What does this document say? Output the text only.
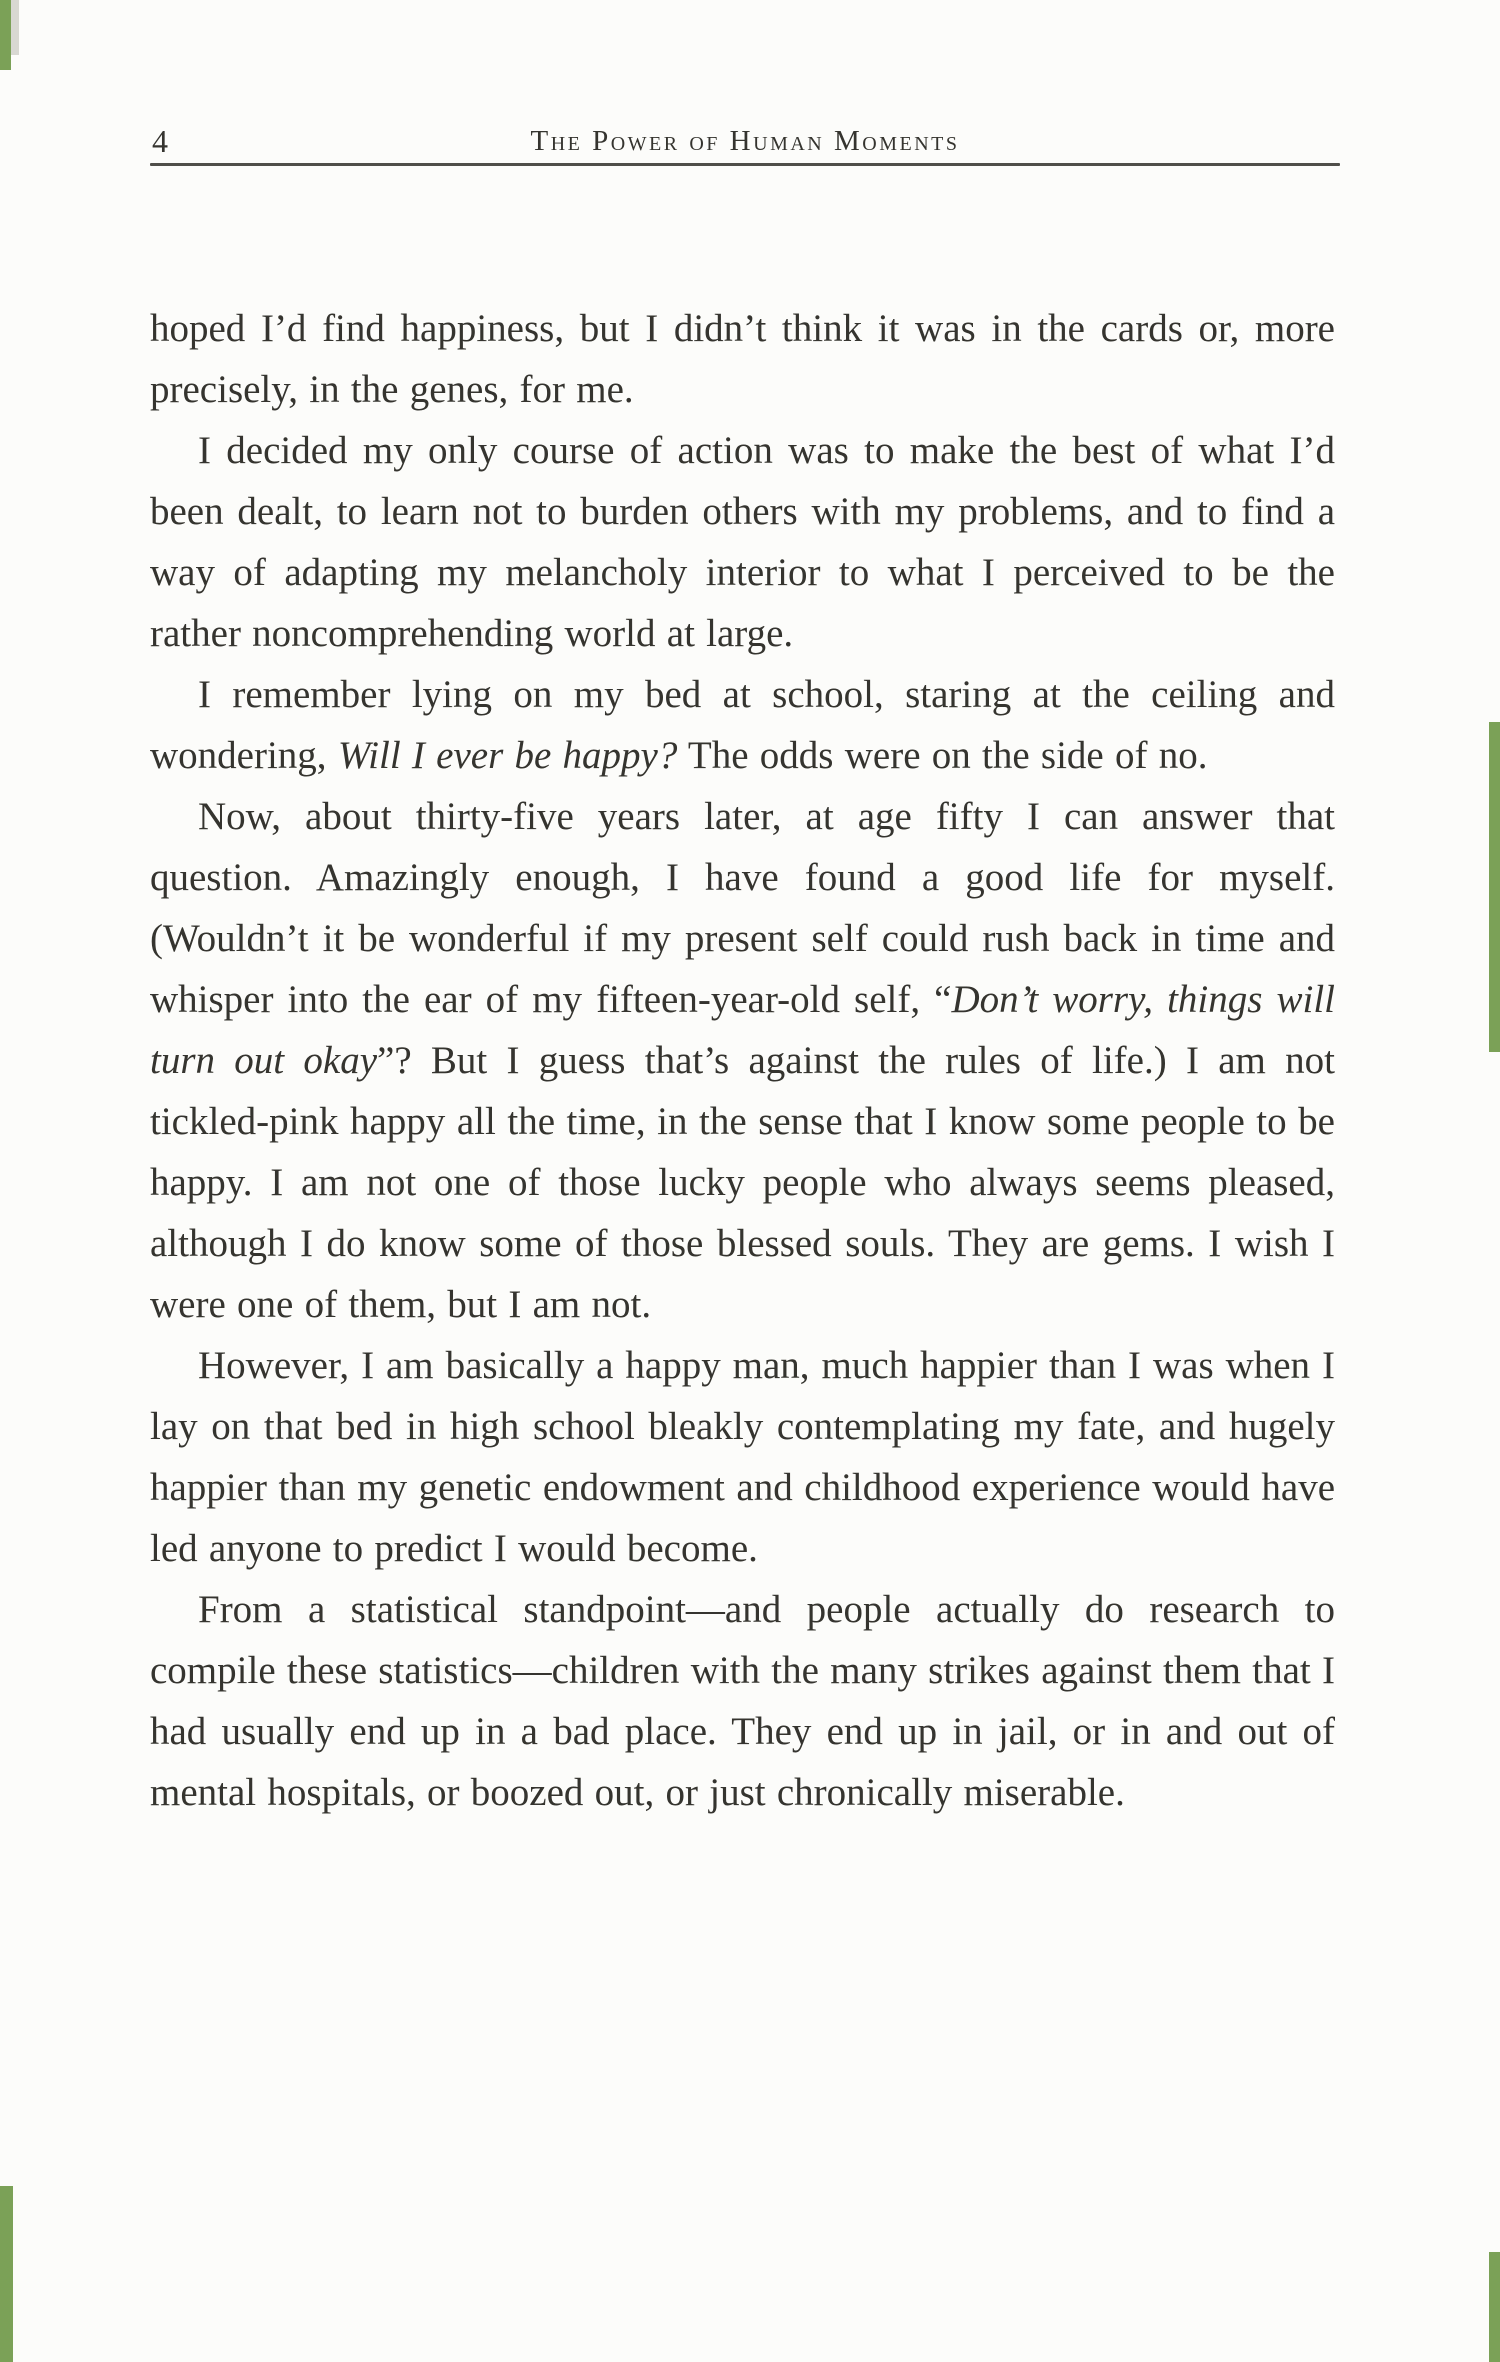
4	The Power of Human Moments

hoped I’d find happiness, but I didn’t think it was in the cards or, more precisely, in the genes, for me.

I decided my only course of action was to make the best of what I’d been dealt, to learn not to burden others with my problems, and to find a way of adapting my melancholy interior to what I perceived to be the rather noncomprehending world at large.

I remember lying on my bed at school, staring at the ceiling and wondering, Will I ever be happy? The odds were on the side of no.

Now, about thirty-five years later, at age fifty I can answer that question. Amazingly enough, I have found a good life for myself. (Wouldn’t it be wonderful if my present self could rush back in time and whisper into the ear of my fifteen-year-old self, “Don’t worry, things will turn out okay”? But I guess that’s against the rules of life.) I am not tickled-pink happy all the time, in the sense that I know some people to be happy. I am not one of those lucky people who always seems pleased, although I do know some of those blessed souls. They are gems. I wish I were one of them, but I am not.

However, I am basically a happy man, much happier than I was when I lay on that bed in high school bleakly contemplating my fate, and hugely happier than my genetic endowment and childhood experience would have led anyone to predict I would become.

From a statistical standpoint—and people actually do research to compile these statistics—children with the many strikes against them that I had usually end up in a bad place. They end up in jail, or in and out of mental hospitals, or boozed out, or just chronically miserable.
